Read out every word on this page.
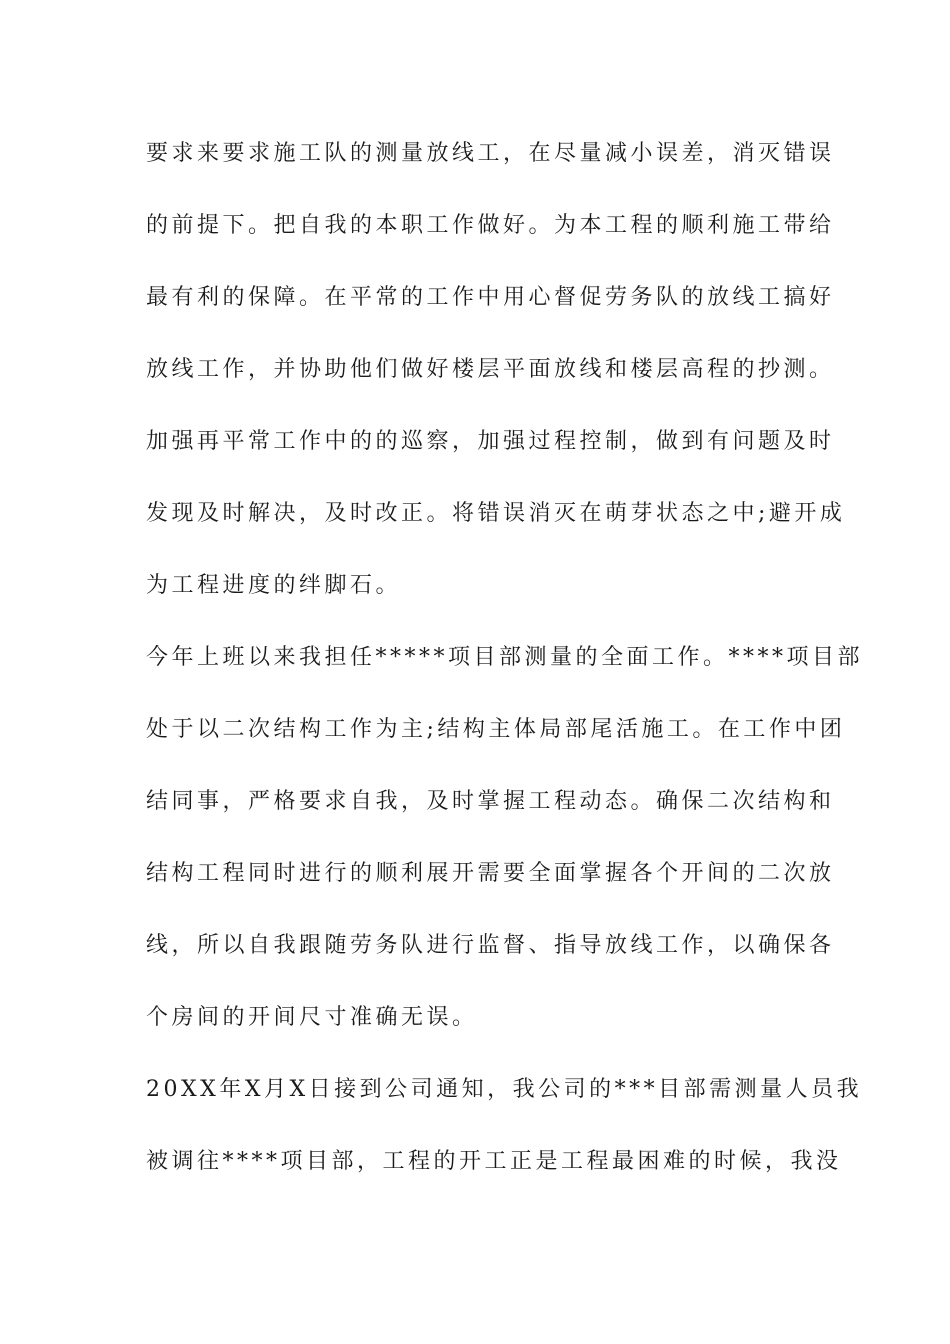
要求来要求施工队的测量放线工，在尽量减小误差，消灭错误
的前提下。把自我的本职工作做好。为本工程的顺利施工带给
最有利的保障。在平常的工作中用心督促劳务队的放线工搞好
放线工作，并协助他们做好楼层平面放线和楼层高程的抄测。
加强再平常工作中的的巡察，加强过程控制，做到有问题及时
发现及时解决，及时改正。将错误消灭在萌芽状态之中;避开成
为工程进度的绊脚石。
今年上班以来我担任*****项目部测量的全面工作。****项目部
处于以二次结构工作为主;结构主体局部尾活施工。在工作中团
结同事，严格要求自我，及时掌握工程动态。确保二次结构和
结构工程同时进行的顺利展开需要全面掌握各个开间的二次放
线，所以自我跟随劳务队进行监督、指导放线工作，以确保各
个房间的开间尺寸准确无误。
20XX年X月X日接到公司通知，我公司的***目部需测量人员我
被调往****项目部，工程的开工正是工程最困难的时候，我没
